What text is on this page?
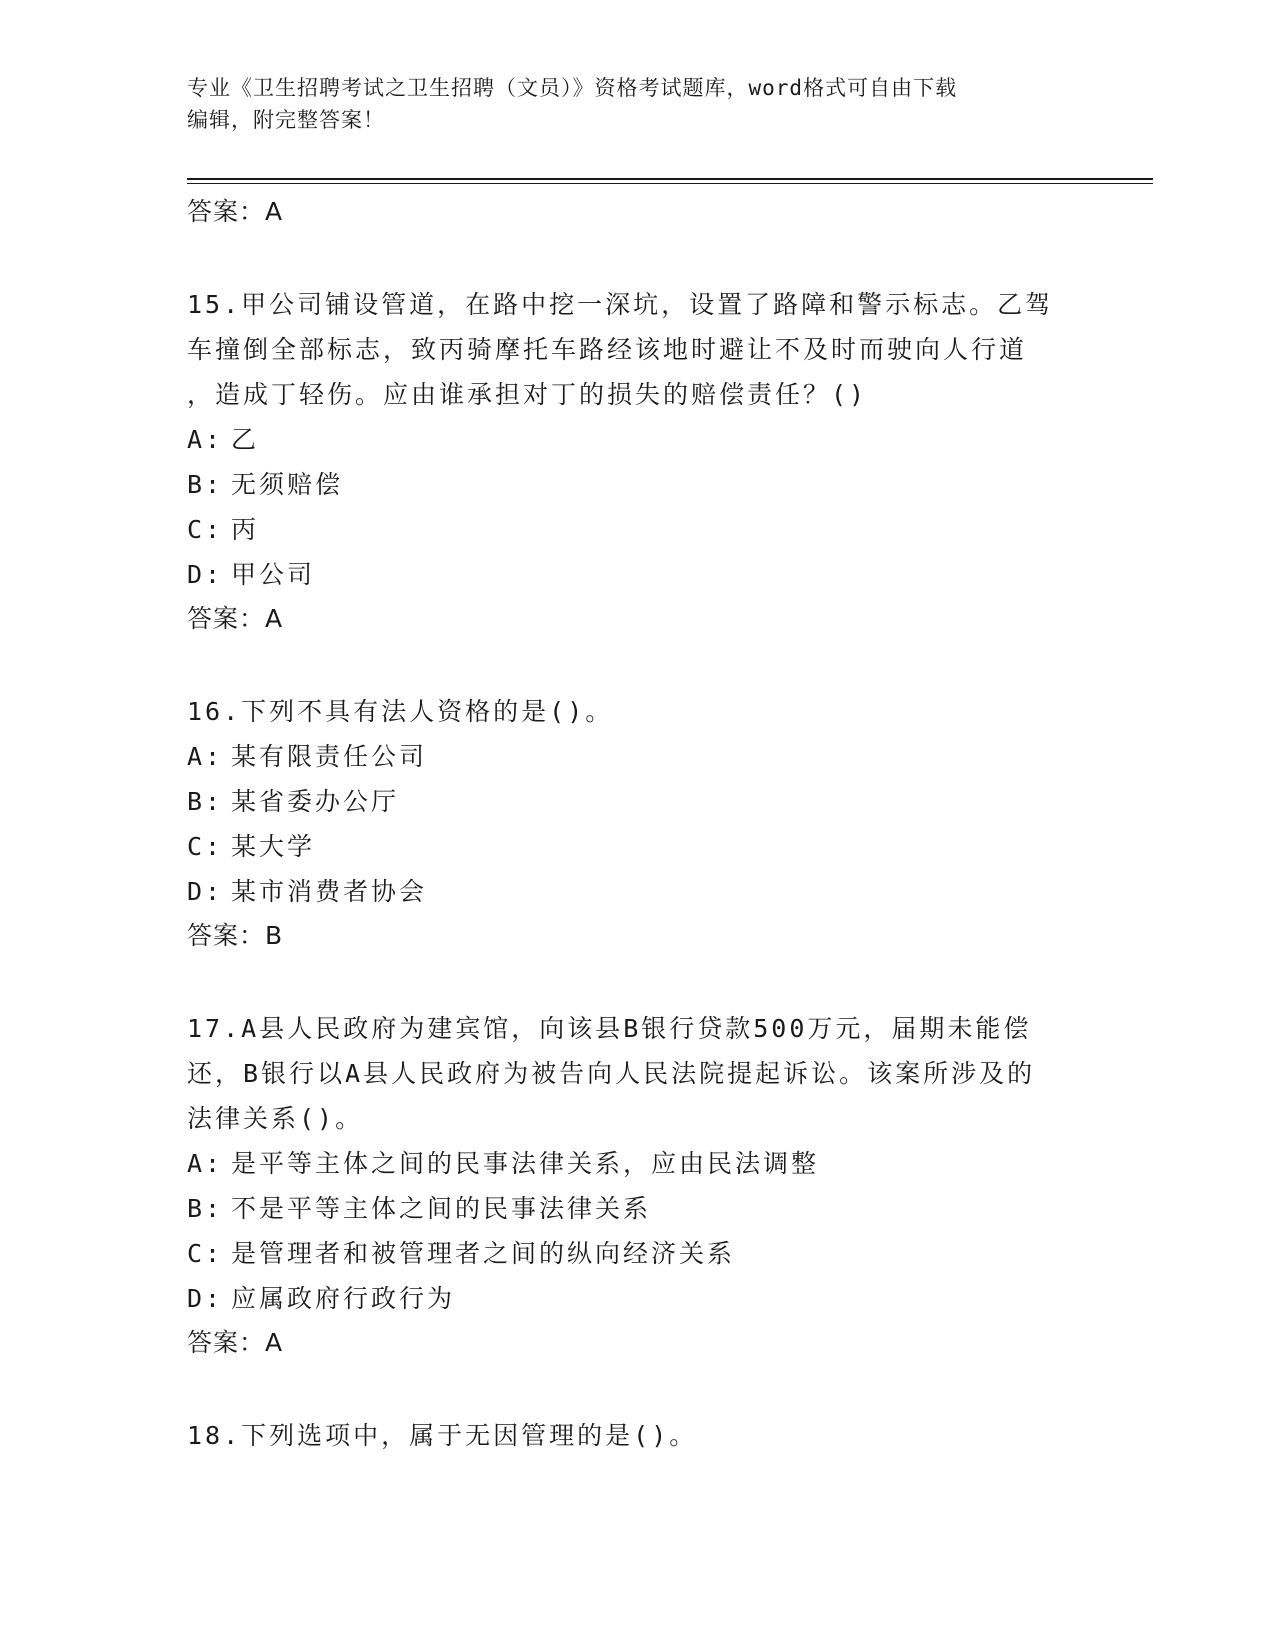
专业《卫生招聘考试之卫生招聘（文员）》资格考试题库，word格式可自由下载
编辑，附完整答案！
答案：A
15.甲公司铺设管道，在路中挖一深坑，设置了路障和警示标志。乙驾
车撞倒全部标志，致丙骑摩托车路经该地时避让不及时而驶向人行道
，造成丁轻伤。应由谁承担对丁的损失的赔偿责任？()
A: 乙
B: 无须赔偿
C: 丙
D: 甲公司
答案：A
16.下列不具有法人资格的是()。
A: 某有限责任公司
B: 某省委办公厅
C: 某大学
D: 某市消费者协会
答案：B
17.A县人民政府为建宾馆，向该县B银行贷款500万元，届期未能偿
还，B银行以A县人民政府为被告向人民法院提起诉讼。该案所涉及的
法律关系()。
A: 是平等主体之间的民事法律关系，应由民法调整
B: 不是平等主体之间的民事法律关系
C: 是管理者和被管理者之间的纵向经济关系
D: 应属政府行政行为
答案：A
18.下列选项中，属于无因管理的是()。
